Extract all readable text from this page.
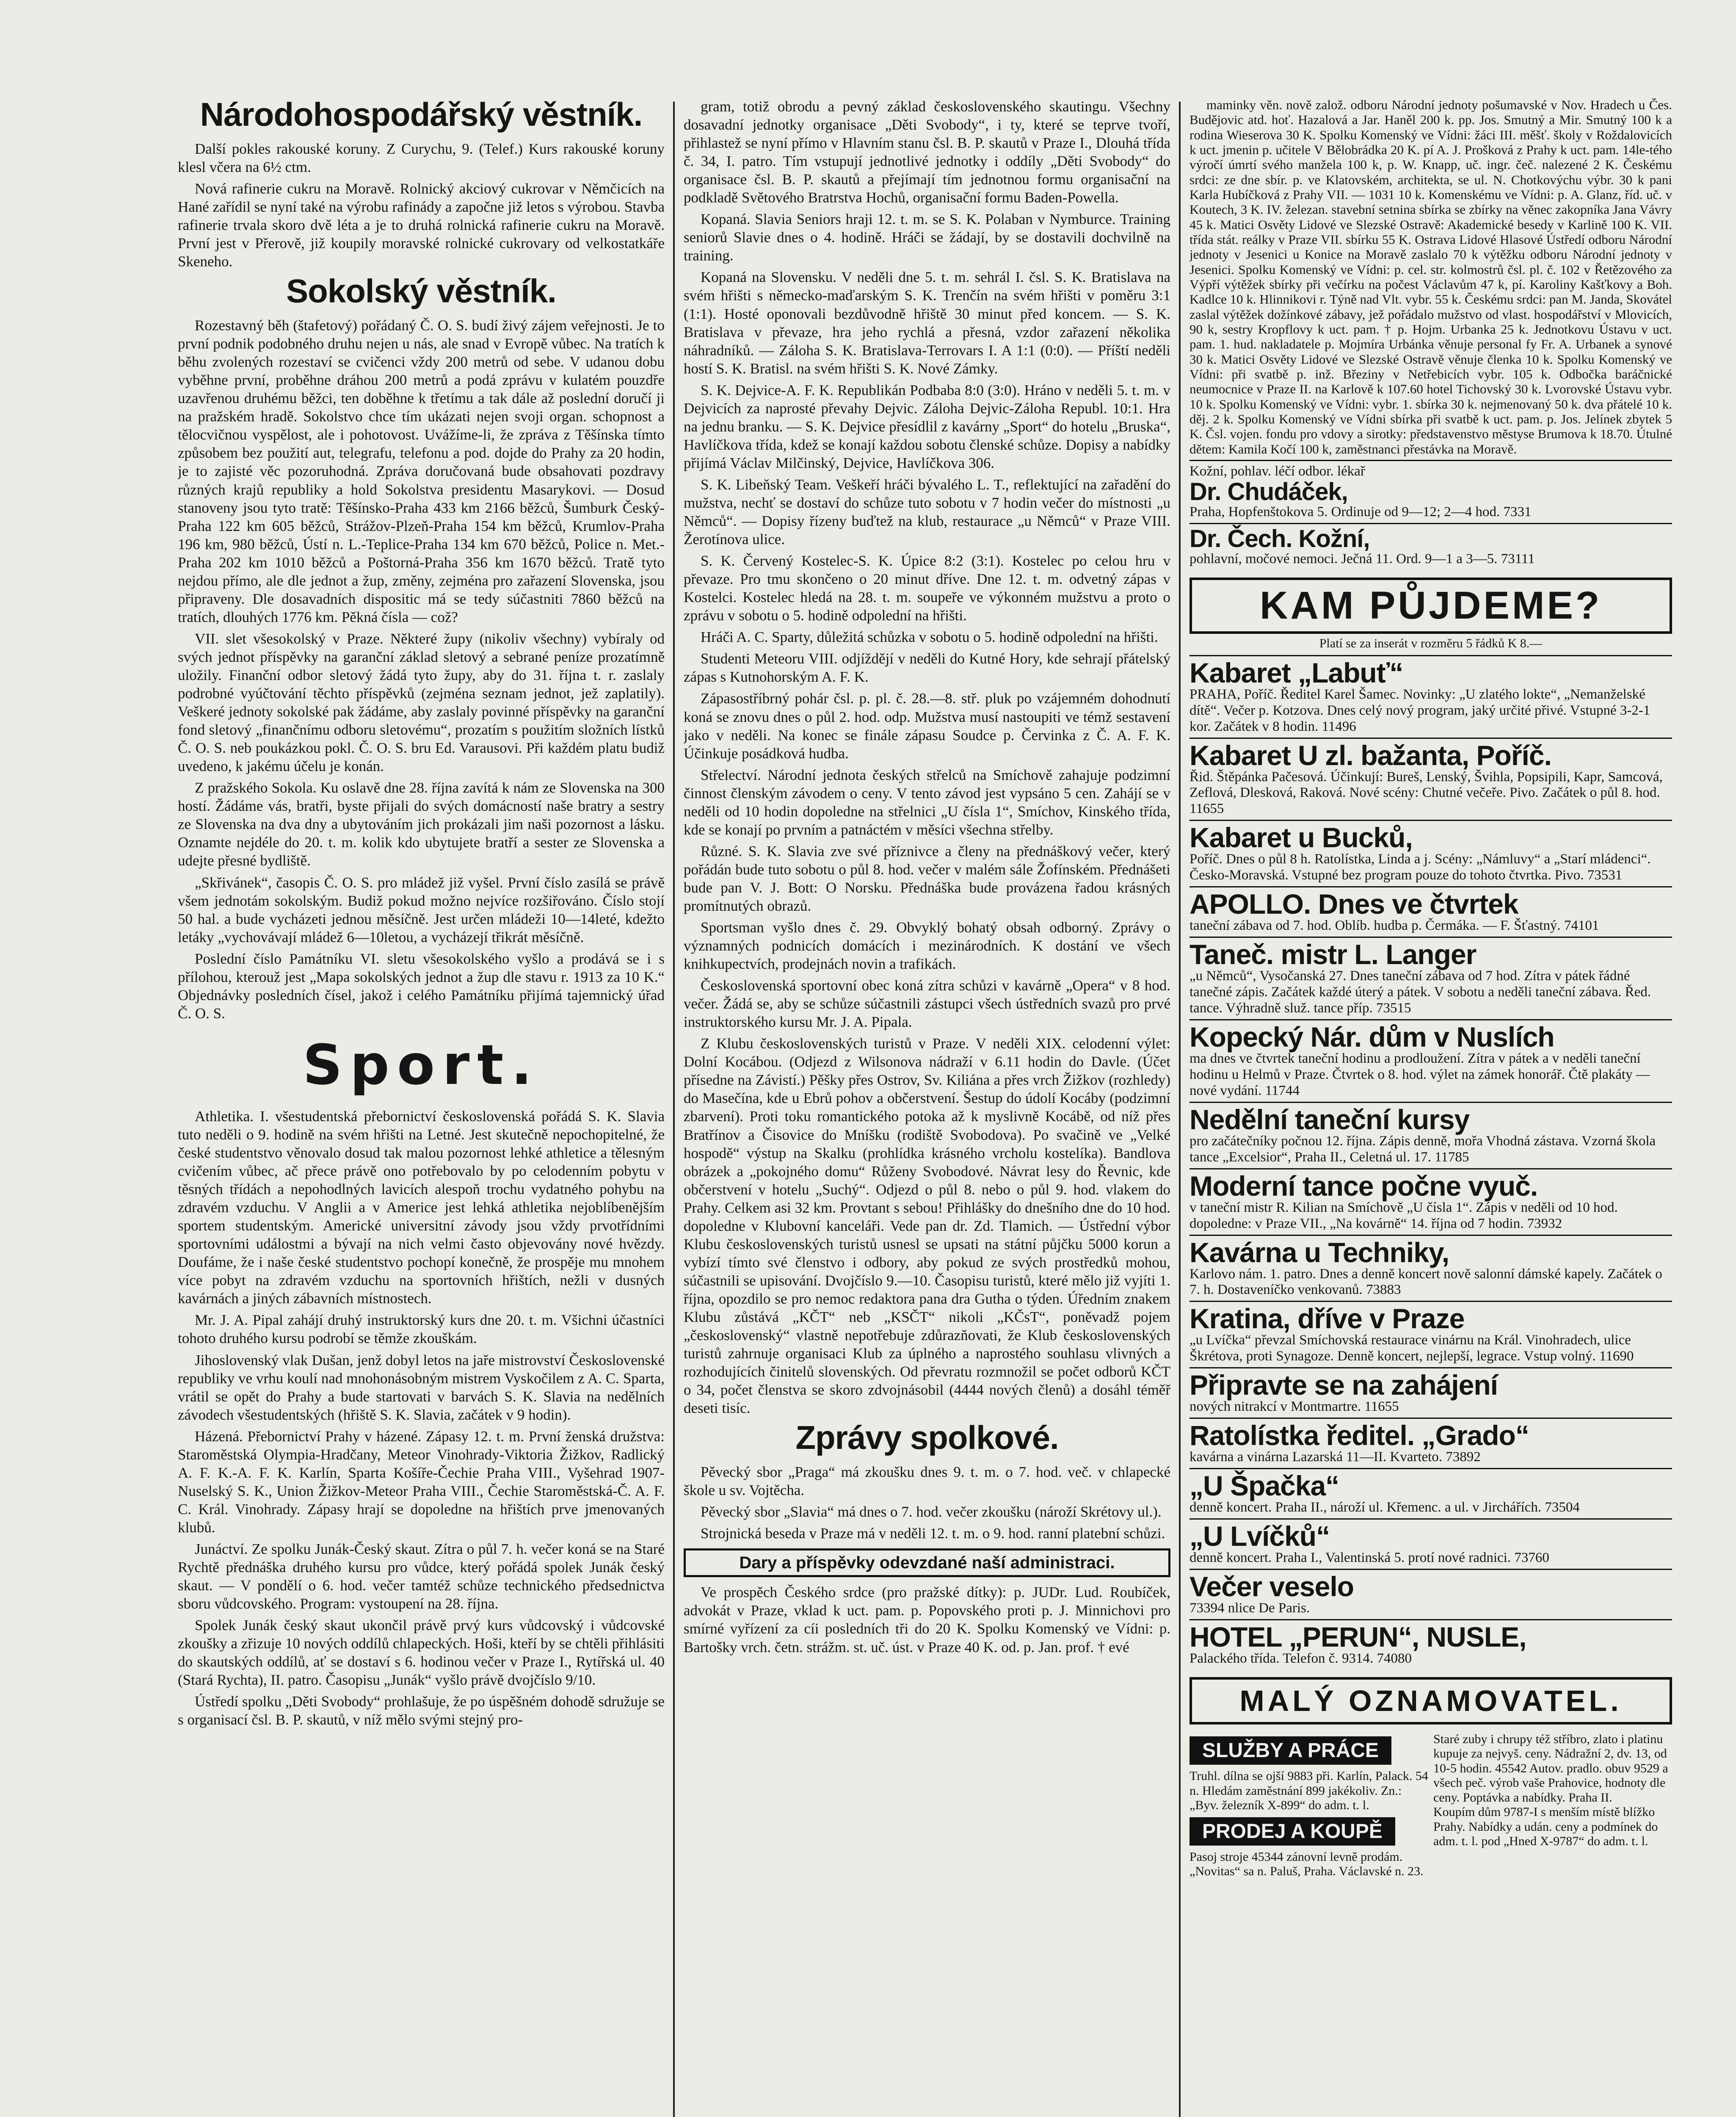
Národohospodářský věstník.

Další pokles rakouské koruny. Z Curychu, 9. (Telef.) Kurs rakouské koruny klesl včera na 6½ ctm.

Nová rafinerie cukru na Moravě. Rolnický akciový cukrovar v Němčicích na Hané zařídil se nyní také na výrobu rafinády a započne již letos s výrobou. Stavba rafinerie trvala skoro dvě léta a je to druhá rolnická rafinerie cukru na Moravě. První jest v Přerově, již koupily moravské rolnické cukrovary od velkostatkáře Skeneho.

Sokolský věstník.

Rozestavný běh (štafetový) pořádaný Č. O. S. budí živý zájem veřejnosti. Je to první podnik podobného druhu nejen u nás, ale snad v Evropě vůbec. Na tratích k běhu zvolených rozestaví se cvičenci vždy 200 metrů od sebe. V udanou dobu vyběhne první, proběhne dráhou 200 metrů a podá zprávu v kulatém pouzdře uzavřenou druhému běžci, ten doběhne k třetímu a tak dále až poslední doručí ji na pražském hradě. Sokolstvo chce tím ukázati nejen svoji organ. schopnost a tělocvičnou vyspělost, ale i pohotovost. Uvážíme-li, že zpráva z Těšínska tímto způsobem bez použití aut, telegrafu, telefonu a pod. dojde do Prahy za 20 hodin, je to zajisté věc pozoruhodná. Zpráva doručovaná bude obsahovati pozdravy různých krajů republiky a hold Sokolstva presidentu Masarykovi. — Dosud stanoveny jsou tyto tratě: Těšínsko-Praha 433 km 2166 běžců, Šumburk Český-Praha 122 km 605 běžců, Strážov-Plzeň-Praha 154 km běžců, Krumlov-Praha 196 km, 980 běžců, Ústí n. L.-Teplice-Praha 134 km 670 běžců, Police n. Met.-Praha 202 km 1010 běžců a Poštorná-Praha 356 km 1670 běžců. Tratě tyto nejdou přímo, ale dle jednot a žup, změny, zejména pro zařazení Slovenska, jsou připraveny. Dle dosavadních dispositic má se tedy súčastniti 7860 běžců na tratích, dlouhých 1776 km. Pěkná čísla — což?

VII. slet všesokolský v Praze. Některé župy (nikoliv všechny) vybíraly od svých jednot příspěvky na garanční základ sletový a sebrané peníze prozatímně uložily. Finanční odbor sletový žádá tyto župy, aby do 31. října t. r. zaslaly podrobné vyúčtování těchto příspěvků (zejména seznam jednot, jež zaplatily). Veškeré jednoty sokolské pak žádáme, aby zaslaly povinné příspěvky na garanční fond sletový „finančnímu odboru sletovému“, prozatím s použitím složních lístků Č. O. S. neb poukázkou pokl. Č. O. S. bru Ed. Varausovi. Při každém platu budiž uvedeno, k jakému účelu je konán.

Z pražského Sokola. Ku oslavě dne 28. října zavítá k nám ze Slovenska na 300 hostí. Žádáme vás, bratři, byste přijali do svých domácností naše bratry a sestry ze Slovenska na dva dny a ubytováním jich prokázali jim naši pozornost a lásku. Oznamte nejdéle do 20. t. m. kolik kdo ubytujete bratří a sester ze Slovenska a udejte přesné bydliště.

„Skřivánek“, časopis Č. O. S. pro mládež již vyšel. První číslo zasílá se právě všem jednotám sokolským. Budiž pokud možno nejvíce rozšiřováno. Číslo stojí 50 hal. a bude vycházeti jednou měsíčně. Jest určen mládeži 10—14leté, kdežto letáky „vychovávají mládež 6—10letou, a vycházejí třikrát měsíčně.

Poslední číslo Památníku VI. sletu všesokolského vyšlo a prodává se i s přílohou, kterouž jest „Mapa sokolských jednot a žup dle stavu r. 1913 za 10 K.“ Objednávky posledních čísel, jakož i celého Památníku přijímá tajemnický úřad Č. O. S.

Sport.

Athletika. I. všestudentská přebornictví československá pořádá S. K. Slavia tuto neděli o 9. hodině na svém hřišti na Letné. Jest skutečně nepochopitelné, že české studentstvo věnovalo dosud tak malou pozornost lehké athletice a tělesným cvičením vůbec, ač přece právě ono potřebovalo by po celodenním pobytu v těsných třídách a nepohodlných lavicích alespoň trochu vydatného pohybu na zdravém vzduchu. V Anglii a v Americe jest lehká athletika nejoblíbenějším sportem studentským. Americké universitní závody jsou vždy prvotřídními sportovními událostmi a bývají na nich velmi často objevovány nové hvězdy. Doufáme, že i naše české studentstvo pochopí konečně, že prospěje mu mnohem více pobyt na zdravém vzduchu na sportovních hřištích, nežli v dusných kavárnách a jiných zábavních místnostech.

Mr. J. A. Pipal zahájí druhý instruktorský kurs dne 20. t. m. Všichni účastníci tohoto druhého kursu podrobí se těmže zkouškám.

Jihoslovenský vlak Dušan, jenž dobyl letos na jaře mistrovství Československé republiky ve vrhu koulí nad mnohonásobným mistrem Vyskočilem z A. C. Sparta, vrátil se opět do Prahy a bude startovati v barvách S. K. Slavia na nedělních závodech všestudentských (hřiště S. K. Slavia, začátek v 9 hodin).

Házená. Přebornictví Prahy v házené. Zápasy 12. t. m. První ženská družstva: Staroměstská Olympia-Hradčany, Meteor Vinohrady-Viktoria Žižkov, Radlický A. F. K.-A. F. K. Karlín, Sparta Košíře-Čechie Praha VIII., Vyšehrad 1907-Nuselský S. K., Union Žižkov-Meteor Praha VIII., Čechie Staroměstská-Č. A. F. C. Král. Vinohrady. Zápasy hrají se dopoledne na hřištích prve jmenovaných klubů.

Junáctví. Ze spolku Junák-Český skaut. Zítra o půl 7. h. večer koná se na Staré Rychtě přednáška druhého kursu pro vůdce, který pořádá spolek Junák český skaut. — V pondělí o 6. hod. večer tamtéž schůze technického předsednictva sboru vůdcovského. Program: vystoupení na 28. října.

Spolek Junák český skaut ukončil právě prvý kurs vůdcovský i vůdcovské zkoušky a zřizuje 10 nových oddílů chlapeckých. Hoši, kteří by se chtěli přihlásiti do skautských oddílů, ať se dostaví s 6. hodinou večer v Praze I., Rytířská ul. 40 (Stará Rychta), II. patro. Časopisu „Junák“ vyšlo právě dvojčíslo 9/10.

Ústředí spolku „Děti Svobody“ prohlašuje, že po úspěšném dohodě sdružuje se s organisací čsl. B. P. skautů, v níž mělo svými stejný pro-

gram, totiž obrodu a pevný základ československého skautingu. Všechny dosavadní jednotky organisace „Děti Svobody“, i ty, které se teprve tvoří, přihlastež se nyní přímo v Hlavním stanu čsl. B. P. skautů v Praze I., Dlouhá třída č. 34, I. patro. Tím vstupují jednotlivé jednotky i oddíly „Děti Svobody“ do organisace čsl. B. P. skautů a přejímají tím jednotnou formu organisační na podkladě Světového Bratrstva Hochů, organisační formu Baden-Powella.

Kopaná. Slavia Seniors hraji 12. t. m. se S. K. Polaban v Nymburce. Training seniorů Slavie dnes o 4. hodině. Hráči se žádají, by se dostavili dochvilně na training.

Kopaná na Slovensku. V neděli dne 5. t. m. sehrál I. čsl. S. K. Bratislava na svém hřišti s německo-maďarským S. K. Trenčín na svém hřišti v poměru 3:1 (1:1). Hosté oponovali bezdůvodně hřiště 30 minut před koncem. — S. K. Bratislava v převaze, hra jeho rychlá a přesná, vzdor zařazení několika náhradníků. — Záloha S. K. Bratislava-Terrovars I. A 1:1 (0:0). — Příští neděli hostí S. K. Bratisl. na svém hřišti S. K. Nové Zámky.

S. K. Dejvice-A. F. K. Republikán Podbaba 8:0 (3:0). Hráno v neděli 5. t. m. v Dejvicích za naprosté převahy Dejvic. Záloha Dejvic-Záloha Republ. 10:1. Hra na jednu branku. — S. K. Dejvice přesídlil z kavárny „Sport“ do hotelu „Bruska“, Havlíčkova třída, kdež se konají každou sobotu členské schůze. Dopisy a nabídky přijímá Václav Milčinský, Dejvice, Havlíčkova 306.

S. K. Libeňský Team. Veškeří hráči bývalého L. T., reflektující na zařadění do mužstva, nechť se dostaví do schůze tuto sobotu v 7 hodin večer do místnosti „u Němců“. — Dopisy řízeny buďtež na klub, restaurace „u Němců“ v Praze VIII. Žerotínova ulice.

S. K. Červený Kostelec-S. K. Úpice 8:2 (3:1). Kostelec po celou hru v převaze. Pro tmu skončeno o 20 minut dříve. Dne 12. t. m. odvetný zápas v Kostelci. Kostelec hledá na 28. t. m. soupeře ve výkonném mužstvu a proto o zprávu v sobotu o 5. hodině odpolední na hřišti.

Hráči A. C. Sparty, důležitá schůzka v sobotu o 5. hodině odpolední na hřišti.

Studenti Meteoru VIII. odjíždějí v neděli do Kutné Hory, kde sehrají přátelský zápas s Kutnohorským A. F. K.

Zápasostříbrný pohár čsl. p. pl. č. 28.—8. stř. pluk po vzájemném dohodnutí koná se znovu dnes o půl 2. hod. odp. Mužstva musí nastoupiti ve témž sestavení jako v neděli. Na konec se finále zápasu Soudce p. Červinka z Č. A. F. K. Účinkuje posádková hudba.

Střelectví. Národní jednota českých střelců na Smíchově zahajuje podzimní činnost členským závodem o ceny. V tento závod jest vypsáno 5 cen. Zahájí se v neděli od 10 hodin dopoledne na střelnici „U čísla 1“, Smíchov, Kinského třída, kde se konají po prvním a patnáctém v měsíci všechna střelby.

Různé. S. K. Slavia zve své příznivce a členy na přednáškový večer, který pořádán bude tuto sobotu o půl 8. hod. večer v malém sále Žofínském. Přednášeti bude pan V. J. Bott: O Norsku. Přednáška bude provázena řadou krásných promítnutých obrazů.

Sportsman vyšlo dnes č. 29. Obvyklý bohatý obsah odborný. Zprávy o významných podnicích domácích i mezinárodních. K dostání ve všech knihkupectvích, prodejnách novin a trafikách.

Československá sportovní obec koná zítra schůzi v kavárně „Opera“ v 8 hod. večer. Žádá se, aby se schůze súčastnili zástupci všech ústředních svazů pro prvé instruktorského kursu Mr. J. A. Pipala.

Z Klubu československých turistů v Praze. V neděli XIX. celodenní výlet: Dolní Kocábou. (Odjezd z Wilsonova nádraží v 6.11 hodin do Davle. (Účet přísedne na Závistí.) Pěšky přes Ostrov, Sv. Kiliána a přes vrch Žižkov (rozhledy) do Masečína, kde u Ebrů pohov a občerstvení. Šestup do údolí Kocáby (podzimní zbarvení). Proti toku romantického potoka až k myslivně Kocábě, od níž přes Bratřínov a Čisovice do Mníšku (rodiště Svobodova). Po svačině ve „Velké hospodě“ výstup na Skalku (prohlídka krásného vrcholu kostelíka). Bandlova obrázek a „pokojného domu“ Růženy Svobodové. Návrat lesy do Řevnic, kde občerstvení v hotelu „Suchý“. Odjezd o půl 8. nebo o půl 9. hod. vlakem do Prahy. Celkem asi 32 km. Provtant s sebou! Přihlášky do dnešního dne do 10 hod. dopoledne v Klubovní kanceláři. Vede pan dr. Zd. Tlamich. — Ústřední výbor Klubu československých turistů usnesl se upsati na státní půjčku 5000 korun a vybízí tímto své členstvo i odbory, aby pokud ze svých prostředků mohou, súčastnili se upisování. Dvojčíslo 9.—10. Časopisu turistů, které mělo již vyjíti 1. října, opozdilo se pro nemoc redaktora pana dra Gutha o týden. Úředním znakem Klubu zůstává „KČT“ neb „KSČT“ nikoli „KČsT“, poněvadž pojem „československý“ vlastně nepotřebuje zdůrazňovati, že Klub československých turistů zahrnuje organisaci Klub za úplného a naprostého souhlasu vlivných a rozhodujících činitelů slovenských. Od převratu rozmnožil se počet odborů KČT o 34, počet členstva se skoro zdvojnásobil (4444 nových členů) a dosáhl téměř deseti tisíc.

Zprávy spolkové.

Pěvecký sbor „Praga“ má zkoušku dnes 9. t. m. o 7. hod. več. v chlapecké škole u sv. Vojtěcha.

Pěvecký sbor „Slavia“ má dnes o 7. hod. večer zkoušku (nároží Skrétovy ul.).

Strojnická beseda v Praze má v neděli 12. t. m. o 9. hod. ranní platební schůzi.

Dary a příspěvky odevzdané naší administraci.

Ve prospěch Českého srdce (pro pražské dítky): p. JUDr. Lud. Roubíček, advokát v Praze, vklad k uct. pam. p. Popovského proti p. J. Minnichovi pro smírné vyřízení za cíi posledních tři do 20 K. Spolku Komenský ve Vídni: p. Bartošky vrch. četn. strážm. st. uč. úst. v Praze 40 K. od. p. Jan. prof. † evé

maminky věn. nově založ. odboru Národní jednoty pošumavské v Nov. Hradech u Čes. Budějovic atd. hoť. Hazalová a Jar. Haněl 200 k. pp. Jos. Smutný a Mir. Smutný 100 k a rodina Wieserova 30 K. Spolku Komenský ve Vídni: žáci III. měšť. školy v Roždalovicích k uct. jmenin p. učitele V Bělobrádka 20 K. pí A. J. Prošková z Prahy k uct. pam. 14le-tého výročí úmrtí svého manžela 100 k, p. W. Knapp, uč. ingr. čeč. nalezené 2 K. Českému srdci: ze dne sbír. p. ve Klatovském, architekta, se ul. N. Chotkovýchu výbr. 30 k pani Karla Hubíčková z Prahy VII. — 1031 10 k. Komenskému ve Vídni: p. A. Glanz, říd. uč. v Koutech, 3 K. IV. železan. stavební setnina sbírka se zbírky na věnec zakopníka Jana Vávry 45 k. Matici Osvěty Lidové ve Slezské Ostravě: Akademické besedy v Karlině 100 K. VII. třída stát. reálky v Praze VII. sbírku 55 K. Ostrava Lidové Hlasové Ústředí odboru Národní jednoty v Jesenici u Konice na Moravě zaslalo 70 k výtěžku odboru Národní jednoty v Jesenici. Spolku Komenský ve Vídni: p. cel. str. kolmostrů čsl. pl. č. 102 v Řetězového za Výpří výtěžek sbírky při večírku na počest Václavům 47 k, pí. Karoliny Kašťkovy a Boh. Kadlce 10 k. Hlinnikovi r. Týně nad Vlt. vybr. 55 k. Českému srdci: pan M. Janda, Skovátel zaslal výtěžek dožínkové zábavy, jež pořádalo mužstvo od vlast. hospodářství v Mlovicích, 90 k, sestry Kropflovy k uct. pam. † p. Hojm. Urbanka 25 k. Jednotkovu Ústavu v uct. pam. 1. hud. nakladatele p. Mojmíra Urbánka věnuje personal fy Fr. A. Urbanek a synové 30 k. Matici Osvěty Lidové ve Slezské Ostravě věnuje členka 10 k. Spolku Komenský ve Vídni: při svatbě p. inž. Březiny v Netřebicích vybr. 105 k. Odbočka baráčnické neumocnice v Praze II. na Karlově k 107.60 hotel Tichovský 30 k. Lvorovské Ústavu vybr. 10 k. Spolku Komenský ve Vídni: vybr. 1. sbírka 30 k. nejmenovaný 50 k. dva přátelé 10 k. děj. 2 k. Spolku Komenský ve Vídni sbírka při svatbě k uct. pam. p. Jos. Jelínek zbytek 5 K. Čsl. vojen. fondu pro vdovy a sirotky: představenstvo městyse Brumova k 18.70. Útulné dětem: Kamila Kočí 100 k, zaměstnanci přestávka na Moravě.

Kožní, pohlav. léčí odbor. lékař
Dr. Chudáček,
Praha, Hopfenštokova 5. Ordinuje od 9—12; 2—4 hod. 7331
Dr. Čech. Kožní,
pohlavní, močové nemoci. Ječná 11. Ord. 9—1 a 3—5. 73111
KAM PŮJDEME?
Platí se za inserát v rozměru 5 řádků K 8.—
Kabaret „Labuť“
PRAHA, Poříč. Ředitel Karel Šamec. Novinky: „U zlatého lokte“, „Nemanželské dítě“. Večer p. Kotzova. Dnes celý nový program, jaký určité přivé. Vstupné 3-2-1 kor. Začátek v 8 hodin. 11496
Kabaret U zl. bažanta, Poříč.
Řid. Štěpánka Pačesová. Účinkují: Bureš, Lenský, Švihla, Popsipili, Kapr, Samcová, Zeflová, Dlesková, Raková. Nové scény: Chutné večeře. Pivo. Začátek o půl 8. hod. 11655
Kabaret u Bucků,
Poříč. Dnes o půl 8 h. Ratolístka, Linda a j. Scény: „Námluvy“ a „Starí mládenci“. Česko-Moravská. Vstupné bez program pouze do tohoto čtvrtka. Pivo. 73531
APOLLO. Dnes ve čtvrtek
taneční zábava od 7. hod. Oblíb. hudba p. Čermáka. — F. Šťastný. 74101
Taneč. mistr L. Langer
„u Němců“, Vysočanská 27. Dnes taneční zábava od 7 hod. Zítra v pátek řádné tanečné zápis. Začátek každé úterý a pátek. V sobotu a neděli taneční zábava. Řed. tance. Výhradně služ. tance příp. 73515
Kopecký Nár. dům v Nuslích
ma dnes ve čtvrtek taneční hodinu a prodloužení. Zítra v pátek a v neděli taneční hodinu u Helmů v Praze. Čtvrtek o 8. hod. výlet na zámek honorář. Čtě plakáty — nové vydání. 11744
Nedělní taneční kursy
pro začátečníky počnou 12. října. Zápis denně, mořa Vhodná zástava. Vzorná škola tance „Excelsior“, Praha II., Celetná ul. 17. 11785
Moderní tance počne vyuč.
v taneční mistr R. Kilian na Smíchově „U čísla 1“. Zápis v neděli od 10 hod. dopoledne: v Praze VII., „Na kovárně“ 14. října od 7 hodin. 73932
Kavárna u Techniky,
Karlovo nám. 1. patro. Dnes a denně koncert nově salonní dámské kapely. Začátek o 7. h. Dostaveníčko venkovanů. 73883
Kratina, dříve v Praze
„u Lvíčka“ převzal Smíchovská restaurace vinárnu na Král. Vinohradech, ulice Škrétova, proti Synagoze. Denně koncert, nejlepší, legrace. Vstup volný. 11690
Připravte se na zahájení
nových nitrakcí v Montmartre. 11655
Ratolístka ředitel. „Grado“
kavárna a vinárna Lazarská 11—II. Kvarteto. 73892
„U Špačka“
denně koncert. Praha II., nároží ul. Křemenc. a ul. v Jirchářích. 73504
„U Lvíčků“
denně koncert. Praha I., Valentinská 5. protí nové radnici. 73760
Večer veselo
73394 nlice De Paris.
HOTEL „PERUN“, NUSLE,
Palackého třída. Telefon č. 9314. 74080
MALÝ OZNAMOVATEL.
SLUŽBY A PRÁCE
Truhl. dílna se ojší 9883 při. Karlín, Palack. 54 n. Hledám zaměstnání 899 jakékoliv. Zn.: „Byv. železník X-899“ do adm. t. l.
PRODEJ A KOUPĚ
Pasoj stroje 45344 zánovní levně prodám. „Novitas“ sa n. Paluš, Praha. Václavské n. 23.
Staré zuby i chrupy též stříbro, zlato i platinu kupuje za nejvyš. ceny. Nádražní 2, dv. 13, od 10-5 hodin. 45542 Autov. pradlo. obuv 9529 a všech peč. výrob vaše Prahovice, hodnoty dle ceny. Poptávka a nabídky. Praha II.
Koupím dům 9787-I s menším místě blížko Prahy. Nabídky a udán. ceny a podmínek do adm. t. l. pod „Hned X-9787“ do adm. t. l.
